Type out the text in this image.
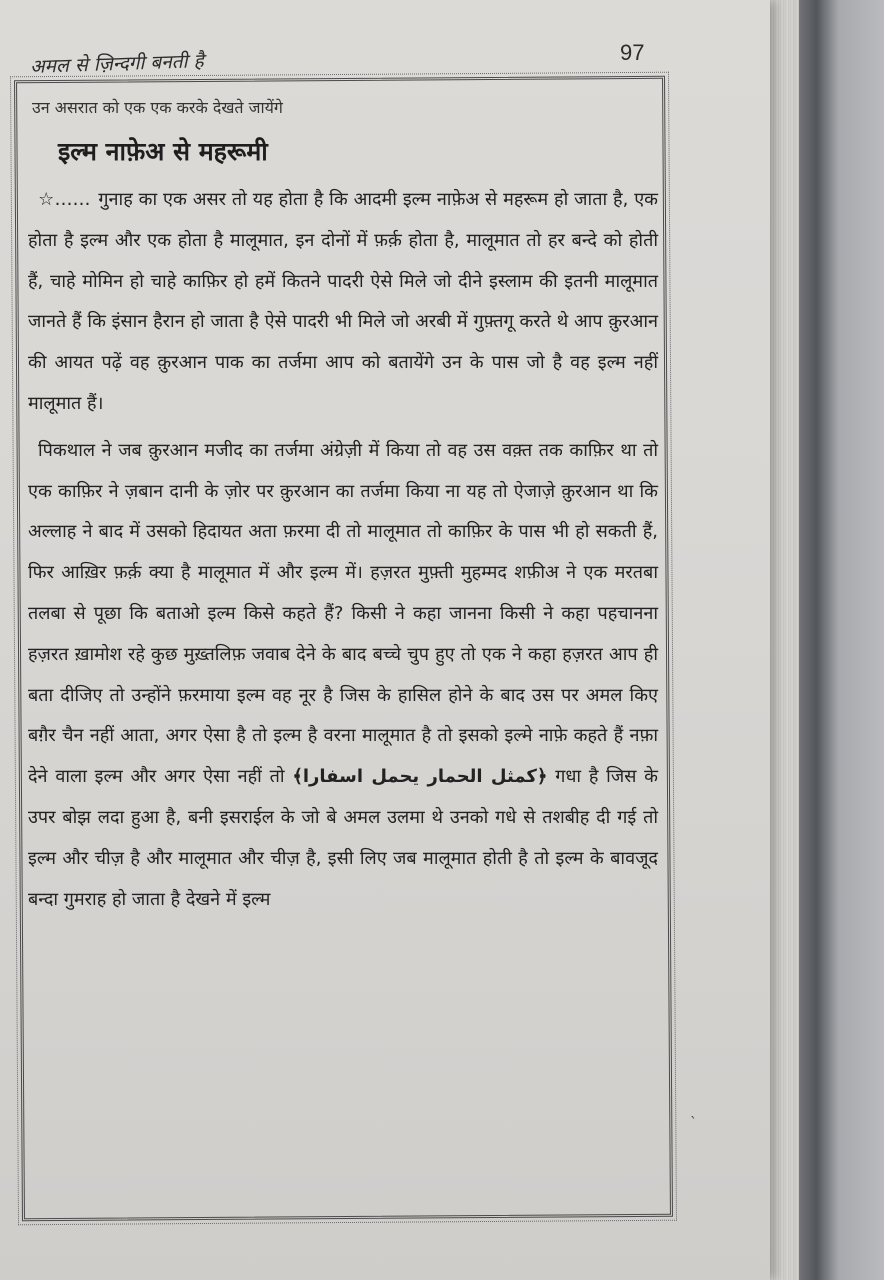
अमल से ज़िन्दगी बनती है	97

उन असरात को एक एक करके देखते जायेंगे

इल्म नाफ़ेअ से महरूमी

☆…… गुनाह का एक असर तो यह होता है कि आदमी इल्म नाफ़ेअ से महरूम हो जाता है, एक होता है इल्म और एक होता है मालूमात, इन दोनों में फ़र्क़ होता है, मालूमात तो हर बन्दे को होती हैं, चाहे मोमिन हो चाहे काफ़िर हो हमें कितने पादरी ऐसे मिले जो दीने इस्लाम की इतनी मालूमात जानते हैं कि इंसान हैरान हो जाता है ऐसे पादरी भी मिले जो अरबी में गुफ़्तगू करते थे आप क़ुरआन की आयत पढ़ें वह क़ुरआन पाक का तर्जमा आप को बतायेंगे उन के पास जो है वह इल्म नहीं मालूमात हैं।

पिकथाल ने जब क़ुरआन मजीद का तर्जमा अंग्रेज़ी में किया तो वह उस वक़्त तक काफ़िर था तो एक काफ़िर ने ज़बान दानी के ज़ोर पर क़ुरआन का तर्जमा किया ना यह तो ऐजाज़े क़ुरआन था कि अल्लाह ने बाद में उसको हिदायत अता फ़रमा दी तो मालूमात तो काफ़िर के पास भी हो सकती हैं, फिर आख़िर फ़र्क़ क्या है मालूमात में और इल्म में। हज़रत मुफ़्ती मुहम्मद शफ़ीअ ने एक मरतबा तलबा से पूछा कि बताओ इल्म किसे कहते हैं? किसी ने कहा जानना किसी ने कहा पहचानना हज़रत ख़ामोश रहे कुछ मुख़्तलिफ़ जवाब देने के बाद बच्चे चुप हुए तो एक ने कहा हज़रत आप ही बता दीजिए तो उन्होंने फ़रमाया इल्म वह नूर है जिस के हासिल होने के बाद उस पर अमल किए बग़ैर चैन नहीं आता, अगर ऐसा है तो इल्म है वरना मालूमात है तो इसको इल्मे नाफ़े कहते हैं नफ़ा देने वाला इल्म और अगर ऐसा नहीं तो ﴿كمثل الحمار يحمل اسفارا﴾ गधा है जिस के उपर बोझ लदा हुआ है, बनी इसराईल के जो बे अमल उलमा थे उनको गधे से तशबीह दी गई तो इल्म और चीज़ है और मालूमात और चीज़ है, इसी लिए जब मालूमात होती है तो इल्म के बावजूद बन्दा गुमराह हो जाता है देखने में इल्म

ˎ
